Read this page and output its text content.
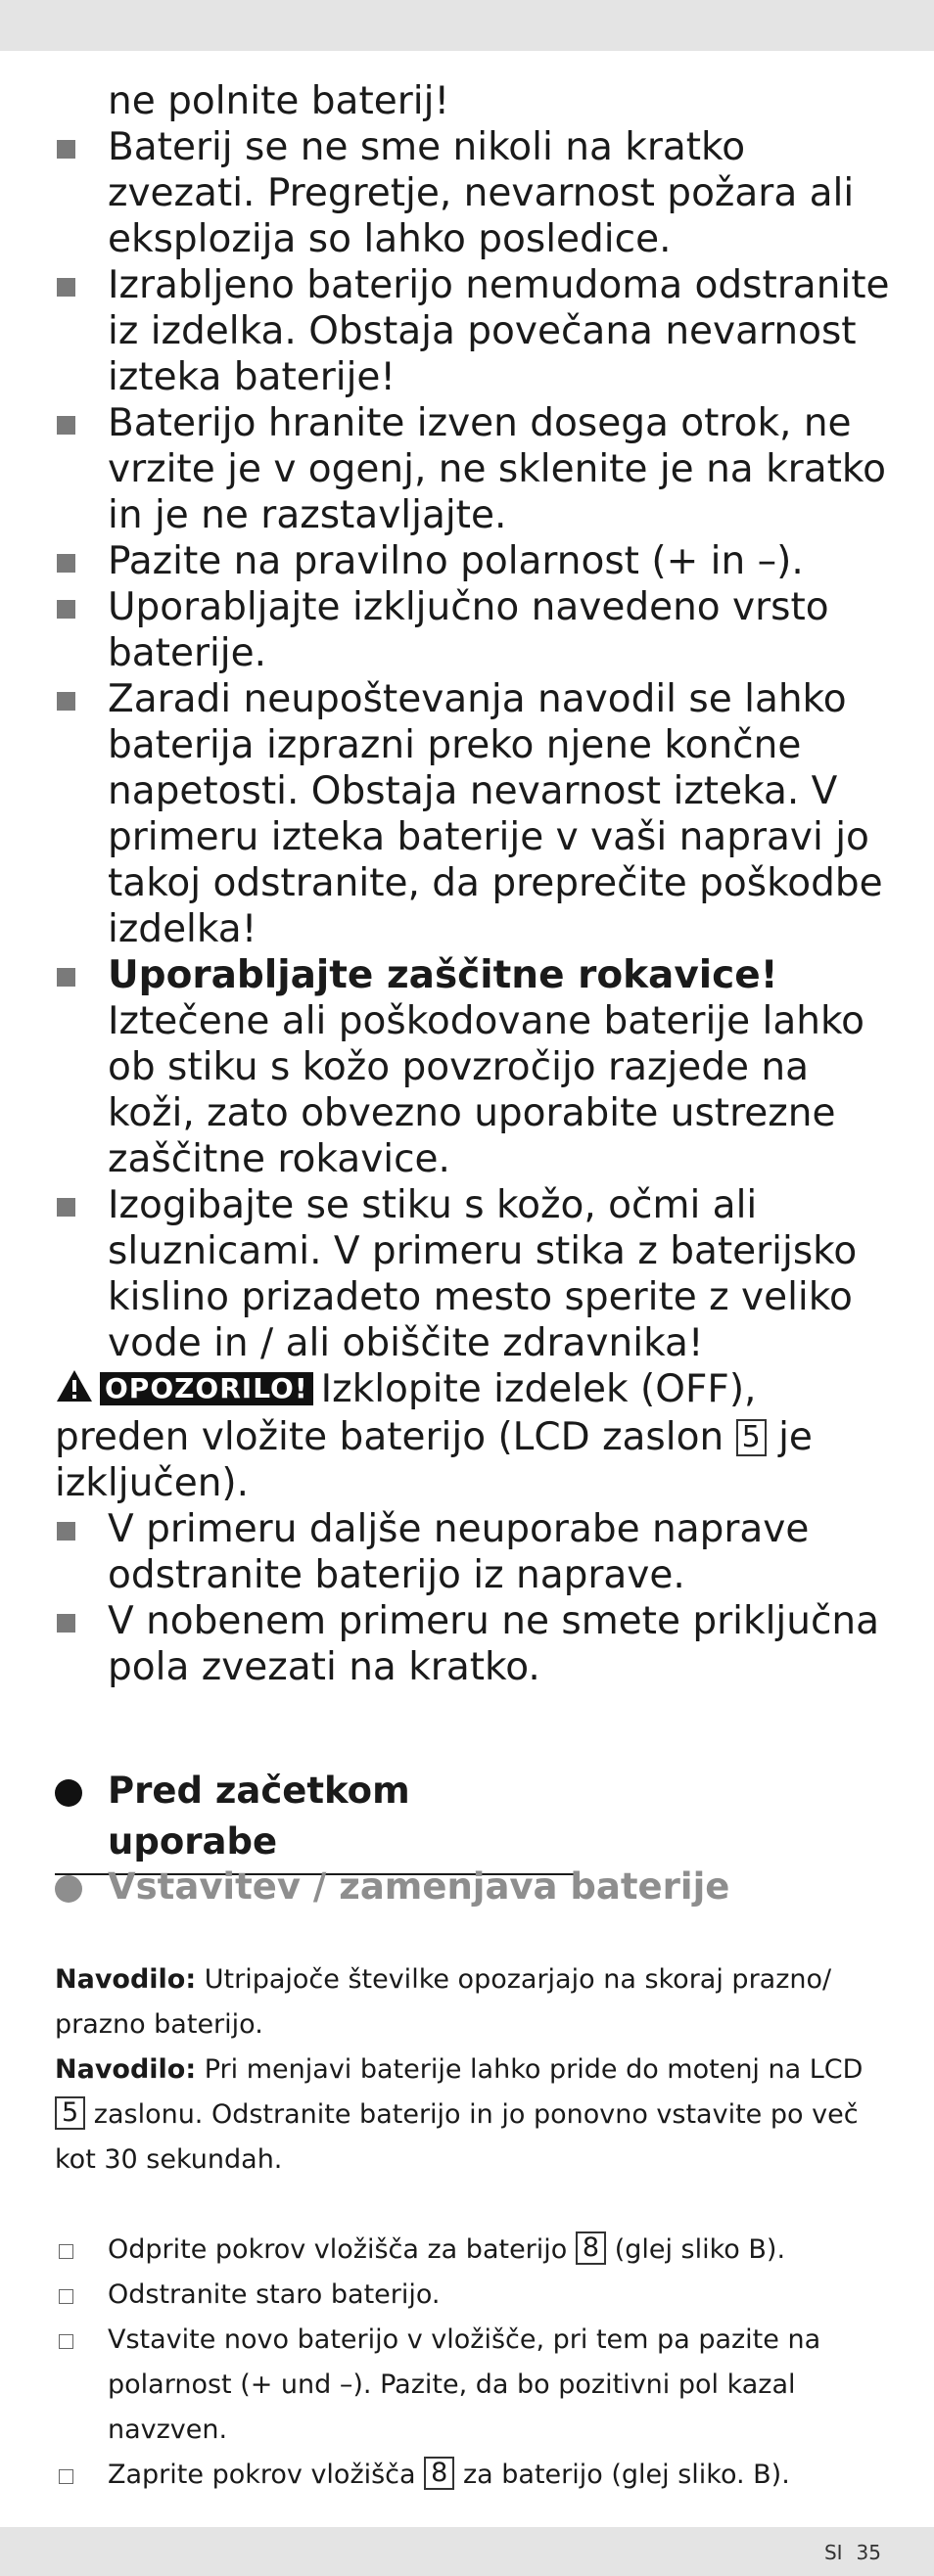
ne polnite baterij!

Baterij se ne sme nikoli na kratko zvezati. Pregretje, nevarnost požara ali eksplozija so lahko posledice.

Izrabljeno baterijo nemudoma odstranite iz izdelka. Obstaja povečana nevarnost izteka baterije!

Baterijo hranite izven dosega otrok, ne vrzite je v ogenj, ne sklenite je na kratko in je ne razstavljajte.

Pazite na pravilno polarnost (+ in –).

Uporabljajte izključno navedeno vrsto baterije.

Zaradi neupoštevanja navodil se lahko baterija izprazni preko njene končne napetosti. Obstaja nevarnost izteka. V primeru izteka baterije v vaši napravi jo takoj odstranite, da preprečite poškodbe izdelka!

Uporabljajte zaščitne rokavice!
Iztečene ali poškodovane baterije lahko ob stiku s kožo povzročijo razjede na koži, zato obvezno uporabite ustrezne zaščitne rokavice.

Izogibajte se stiku s kožo, očmi ali sluznicami. V primeru stika z baterijsko kislino prizadeto mesto sperite z veliko vode in / ali obiščite zdravnika!

OPOZORILO! Izklopite izdelek (OFF), preden vložite baterijo (LCD zaslon 5 je izključen).

V primeru daljše neuporabe naprave odstranite baterijo iz naprave.

V nobenem primeru ne smete priključna pola zvezati na kratko.

Pred začetkom uporabe
Vstavitev / zamenjava baterije

Navodilo: Utripajoče številke opozarjajo na skoraj prazno/ prazno baterijo.

Navodilo: Pri menjavi baterije lahko pride do motenj na LCD 5 zaslonu. Odstranite baterijo in jo ponovno vstavite po več kot 30 sekundah.

Odprite pokrov vložišča za baterijo 8 (glej sliko B).

Odstranite staro baterijo.

Vstavite novo baterijo v vložišče, pri tem pa pazite na polarnost (+ und –). Pazite, da bo pozitivni pol kazal navzven.

Zaprite pokrov vložišča 8 za baterijo (glej sliko. B).

SI 35
